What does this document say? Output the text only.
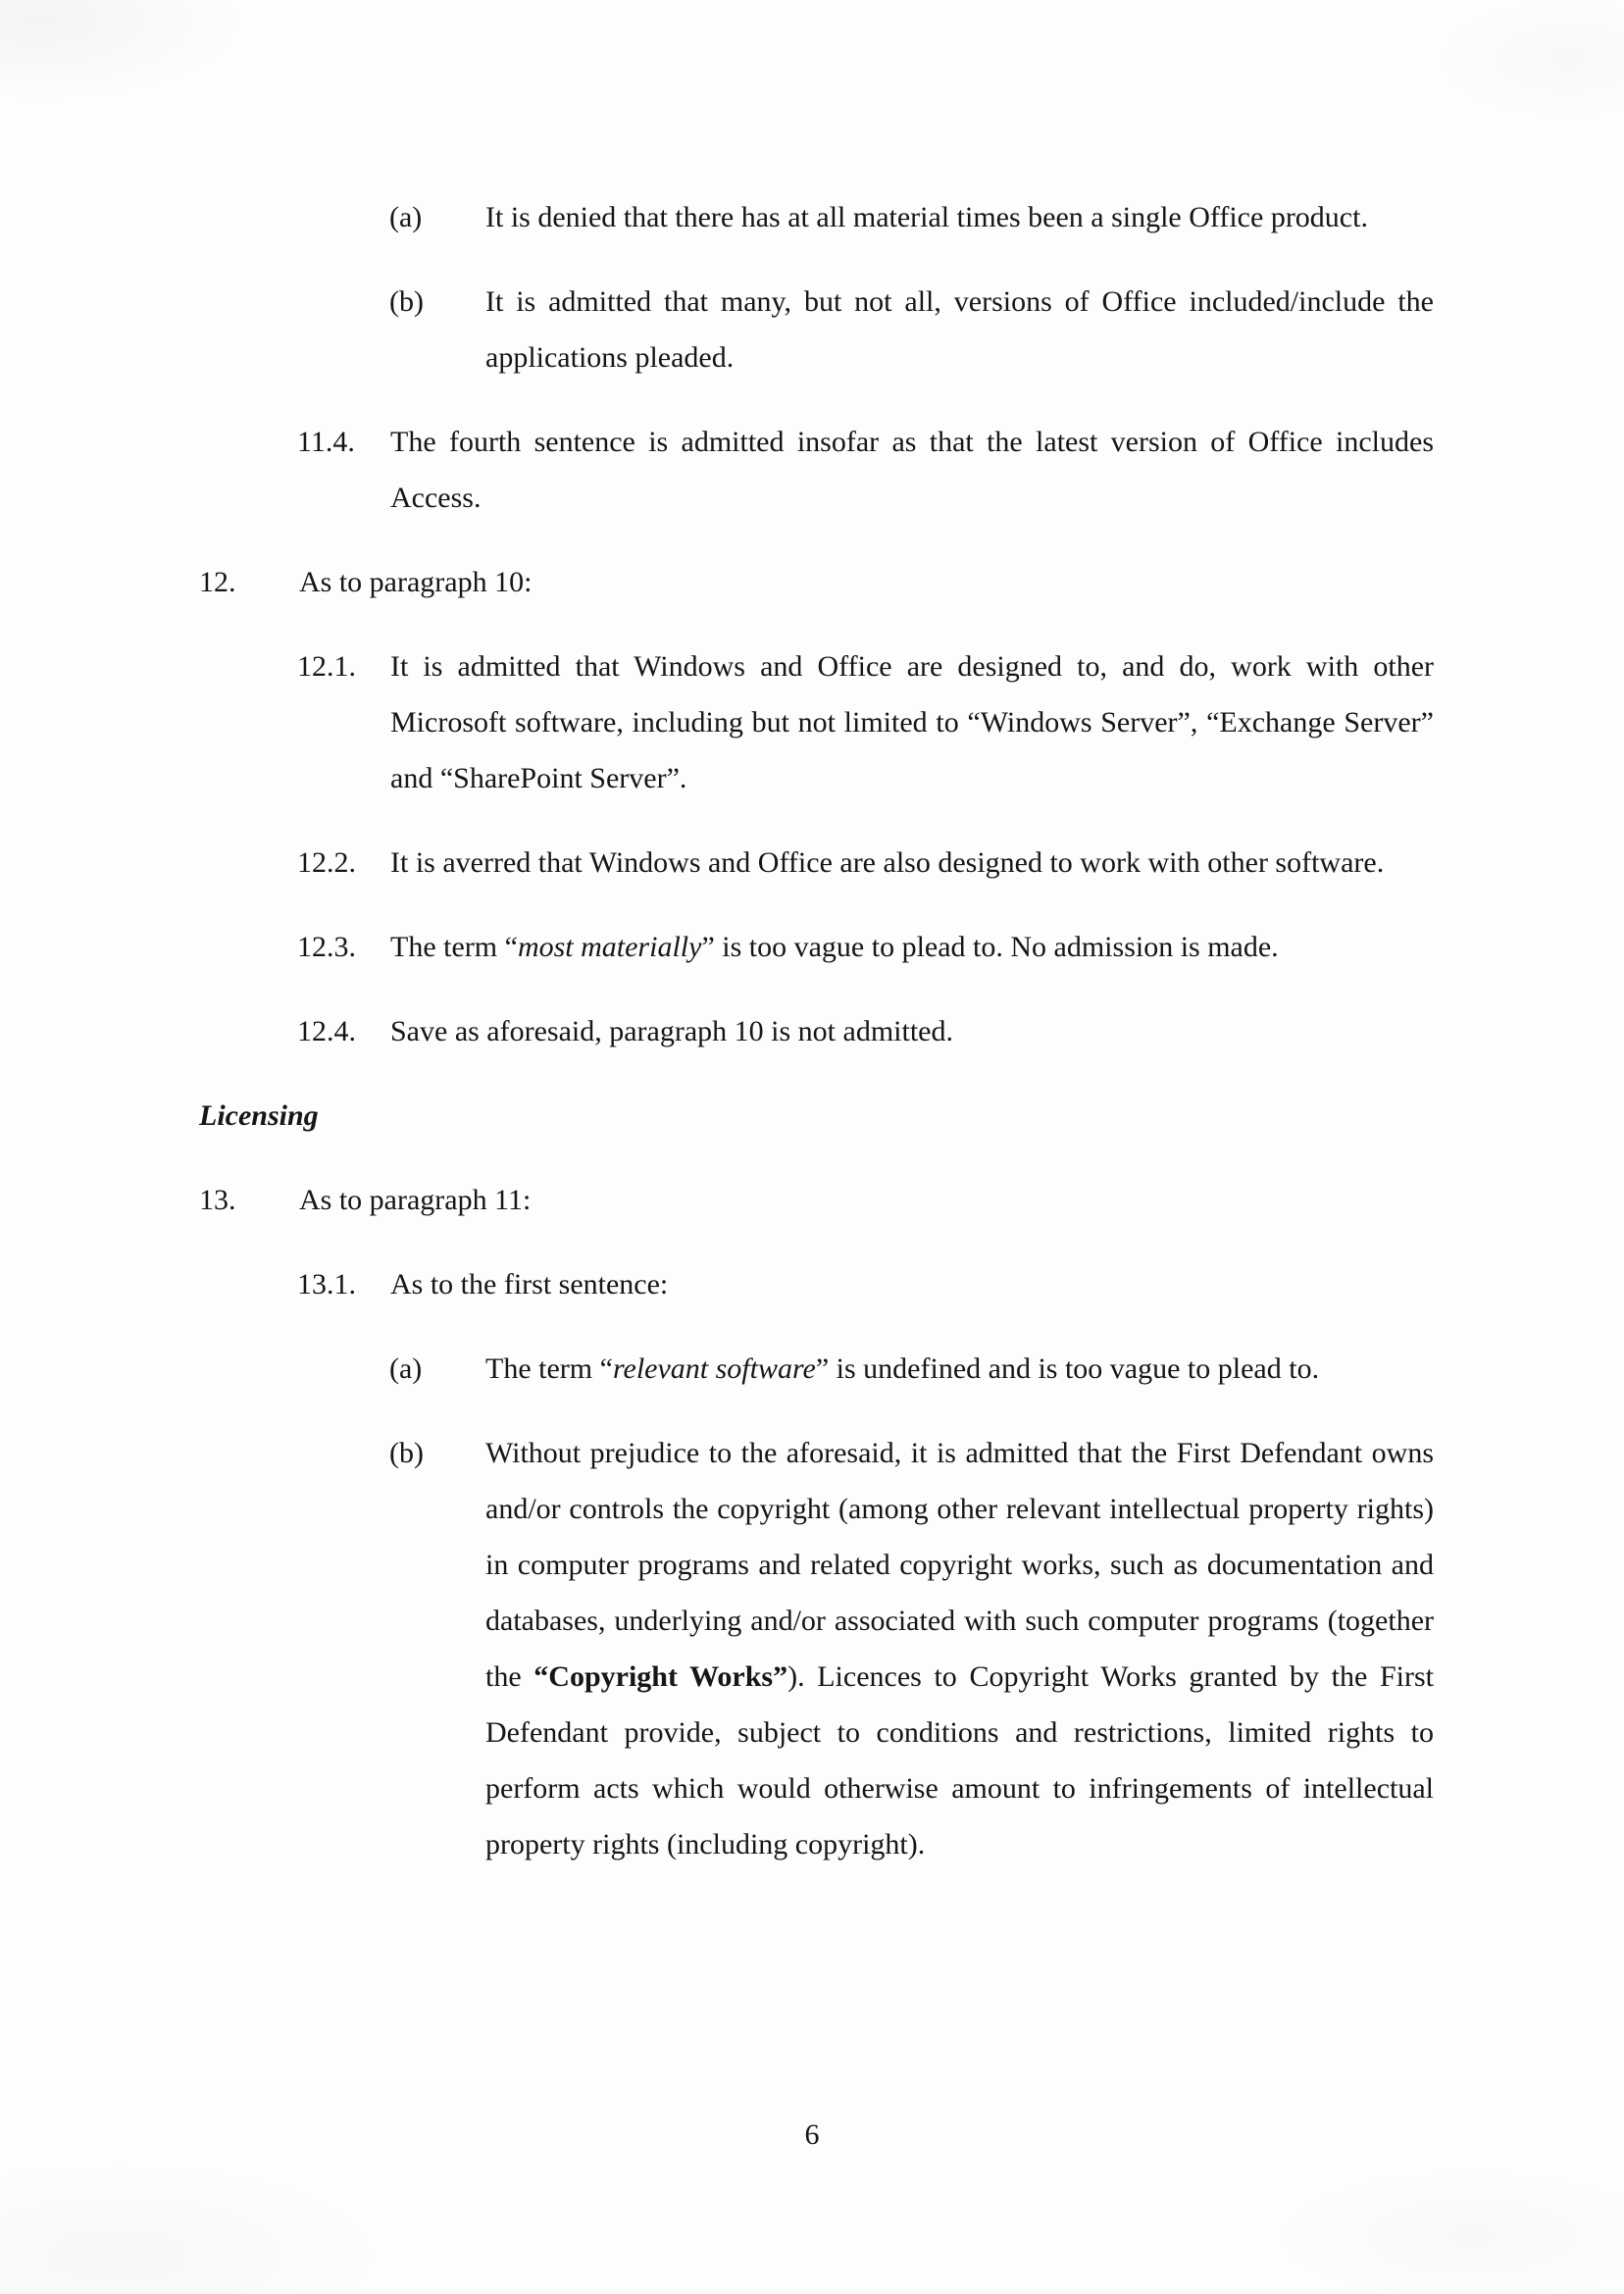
(a) It is denied that there has at all material times been a single Office product.
(b) It is admitted that many, but not all, versions of Office included/include the applications pleaded.
11.4. The fourth sentence is admitted insofar as that the latest version of Office includes Access.
12. As to paragraph 10:
12.1. It is admitted that Windows and Office are designed to, and do, work with other Microsoft software, including but not limited to “Windows Server”, “Exchange Server” and “SharePoint Server”.
12.2. It is averred that Windows and Office are also designed to work with other software.
12.3. The term “most materially” is too vague to plead to. No admission is made.
12.4. Save as aforesaid, paragraph 10 is not admitted.
Licensing
13. As to paragraph 11:
13.1. As to the first sentence:
(a) The term “relevant software” is undefined and is too vague to plead to.
(b) Without prejudice to the aforesaid, it is admitted that the First Defendant owns and/or controls the copyright (among other relevant intellectual property rights) in computer programs and related copyright works, such as documentation and databases, underlying and/or associated with such computer programs (together the “Copyright Works”). Licences to Copyright Works granted by the First Defendant provide, subject to conditions and restrictions, limited rights to perform acts which would otherwise amount to infringements of intellectual property rights (including copyright).
6
